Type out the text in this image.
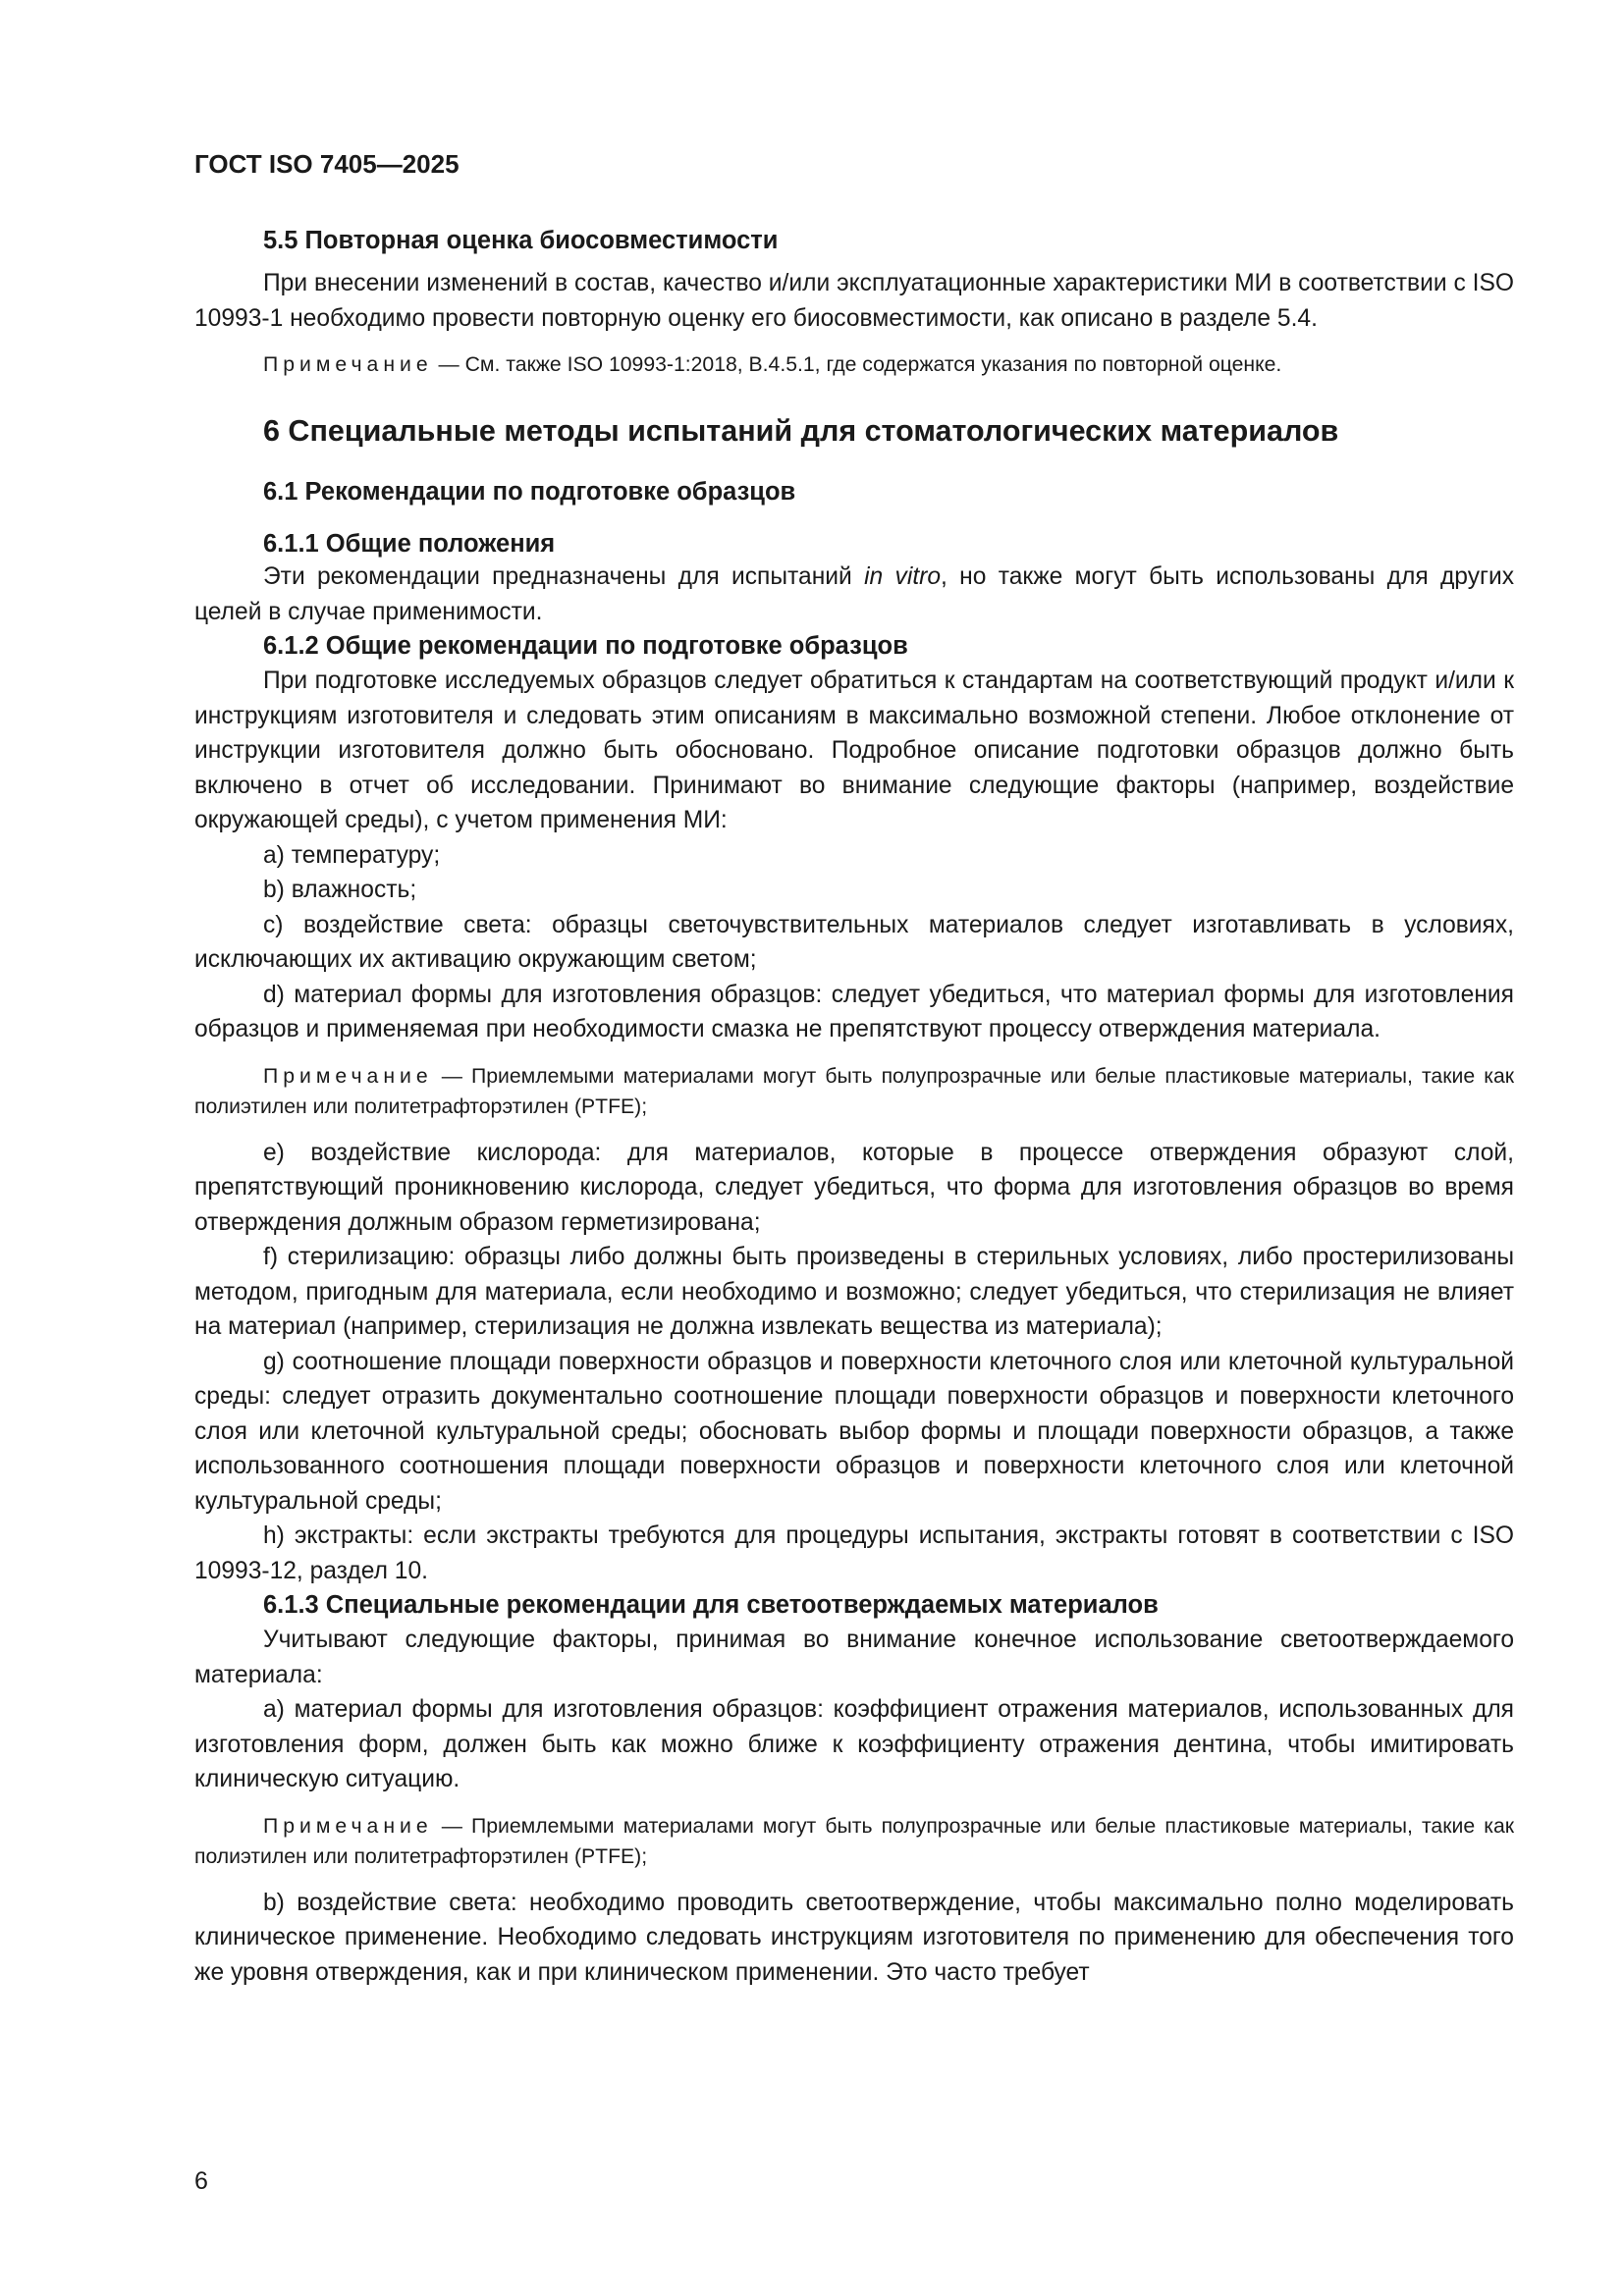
ГОСТ ISO 7405—2025
5.5 Повторная оценка биосовместимости

При внесении изменений в состав, качество и/или эксплуатационные характеристики МИ в соответствии с ISO 10993-1 необходимо провести повторную оценку его биосовместимости, как описано в разделе 5.4.

Примечание — См. также ISO 10993-1:2018, В.4.5.1, где содержатся указания по повторной оценке.

6 Специальные методы испытаний для стоматологических материалов
6.1 Рекомендации по подготовке образцов
6.1.1 Общие положения

Эти рекомендации предназначены для испытаний in vitro, но также могут быть использованы для других целей в случае применимости.

6.1.2 Общие рекомендации по подготовке образцов

При подготовке исследуемых образцов следует обратиться к стандартам на соответствующий продукт и/или к инструкциям изготовителя и следовать этим описаниям в максимально возможной степени. Любое отклонение от инструкции изготовителя должно быть обосновано. Подробное описание подготовки образцов должно быть включено в отчет об исследовании. Принимают во внимание следующие факторы (например, воздействие окружающей среды), с учетом применения МИ:

а) температуру;

b) влажность;

с) воздействие света: образцы светочувствительных материалов следует изготавливать в условиях, исключающих их активацию окружающим светом;

d) материал формы для изготовления образцов: следует убедиться, что материал формы для изготовления образцов и применяемая при необходимости смазка не препятствуют процессу отверждения материала.

Примечание — Приемлемыми материалами могут быть полупрозрачные или белые пластиковые материалы, такие как полиэтилен или политетрафторэтилен (PTFE);

е) воздействие кислорода: для материалов, которые в процессе отверждения образуют слой, препятствующий проникновению кислорода, следует убедиться, что форма для изготовления образцов во время отверждения должным образом герметизирована;

f) стерилизацию: образцы либо должны быть произведены в стерильных условиях, либо простерилизованы методом, пригодным для материала, если необходимо и возможно; следует убедиться, что стерилизация не влияет на материал (например, стерилизация не должна извлекать вещества из материала);

g) соотношение площади поверхности образцов и поверхности клеточного слоя или клеточной культуральной среды: следует отразить документально соотношение площади поверхности образцов и поверхности клеточного слоя или клеточной культуральной среды; обосновать выбор формы и площади поверхности образцов, а также использованного соотношения площади поверхности образцов и поверхности клеточного слоя или клеточной культуральной среды;

h) экстракты: если экстракты требуются для процедуры испытания, экстракты готовят в соответствии с ISO 10993-12, раздел 10.

6.1.3 Специальные рекомендации для светоотверждаемых материалов

Учитывают следующие факторы, принимая во внимание конечное использование светоотверждаемого материала:

а) материал формы для изготовления образцов: коэффициент отражения материалов, использованных для изготовления форм, должен быть как можно ближе к коэффициенту отражения дентина, чтобы имитировать клиническую ситуацию.

Примечание — Приемлемыми материалами могут быть полупрозрачные или белые пластиковые материалы, такие как полиэтилен или политетрафторэтилен (PTFE);

b) воздействие света: необходимо проводить светоотверждение, чтобы максимально полно моделировать клиническое применение. Необходимо следовать инструкциям изготовителя по применению для обеспечения того же уровня отверждения, как и при клиническом применении. Это часто требует

6
